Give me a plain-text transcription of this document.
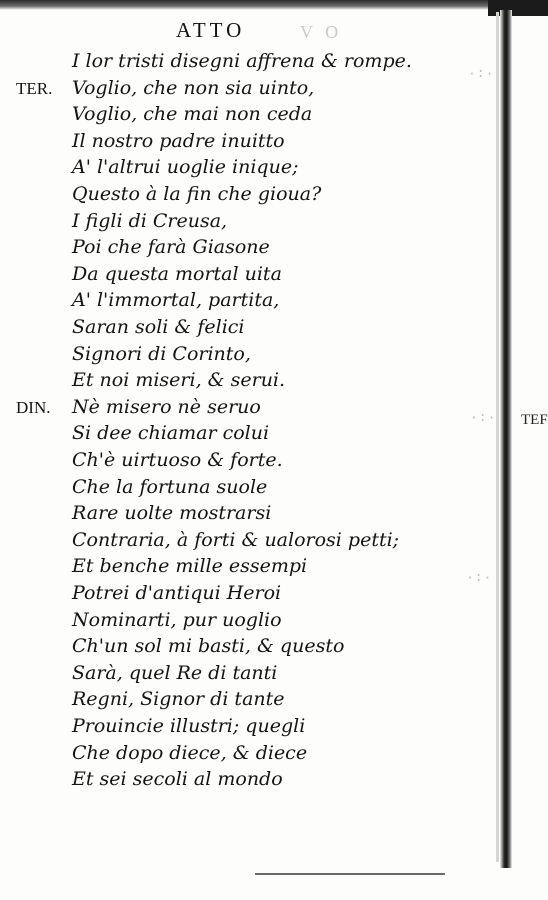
ATTO	V O
TEF
·:·
·:·
·:·
I lor tristi disegni affrena & rompe.
TER. Voglio, che non sia uinto,
Voglio, che mai non ceda
Il nostro padre inuitto
A' l'altrui uoglie inique;
Questo à la fin che gioua?
I figli di Creusa,
Poi che farà Giasone
Da questa mortal uita
A' l'immortal, partita,
Saran soli & felici
Signori di Corinto,
Et noi miseri, & serui.
DIN. Nè misero nè seruo
Si dee chiamar colui
Ch'è uirtuoso & forte.
Che la fortuna suole
Rare uolte mostrarsi
Contraria, à forti & ualorosi petti;
Et benche mille essempi
Potrei d'antiqui Heroi
Nominarti, pur uoglio
Ch'un sol mi basti, & questo
Sarà, quel Re di tanti
Regni, Signor di tante
Prouincie illustri; quegli
Che dopo diece, & diece
Et sei secoli al mondo
